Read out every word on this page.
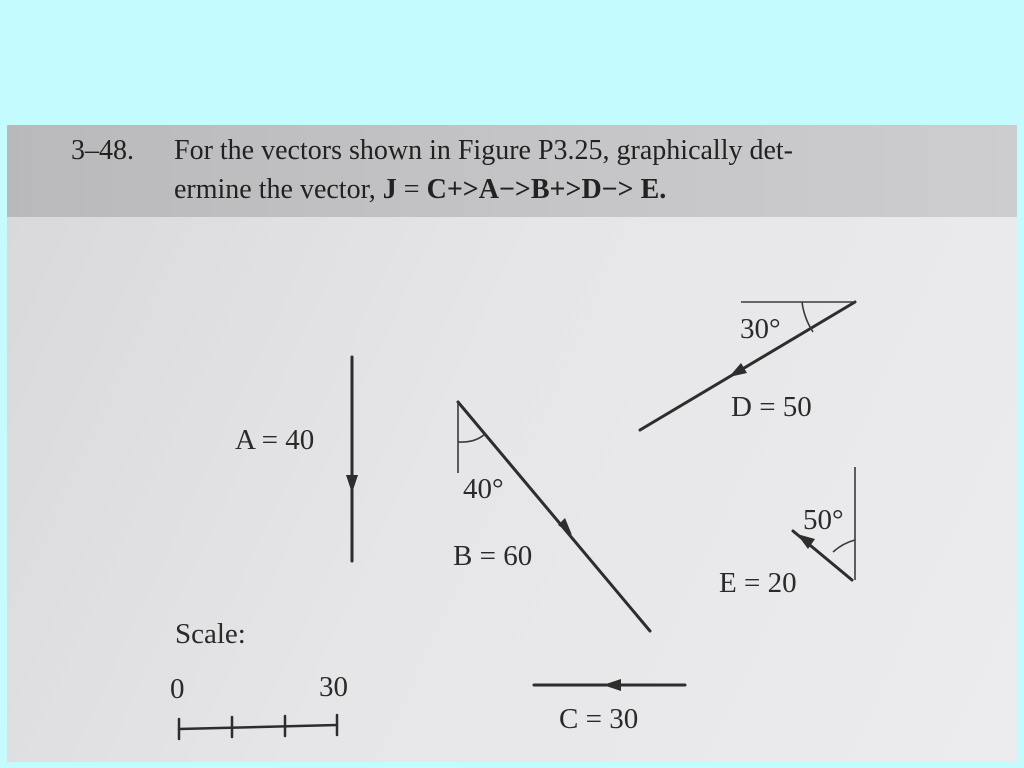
3–48. For the vectors shown in Figure P3.25, graphically det-
ermine the vector, J = C+>A−>B+>D−> E.
A = 40
40°
B = 60
30°
D = 50
50°
E = 20
C = 30
Scale:
0	30
